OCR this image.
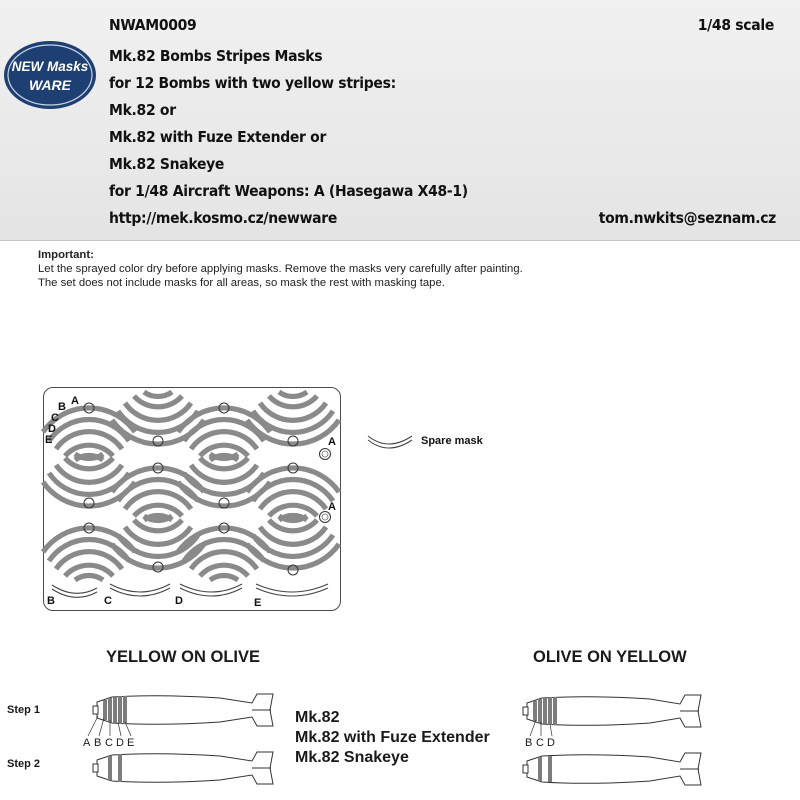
NEW Masks
WARE
NWAM0009	1/48 scale
Mk.82 Bombs Stripes Masks
for 12 Bombs with two yellow stripes:
Mk.82 or
Mk.82 with Fuze Extender or
Mk.82 Snakeye
for 1/48 Aircraft Weapons: A (Hasegawa X48-1)
http://mek.kosmo.cz/newware	tom.nwkits@seznam.cz
Important:
Let the sprayed color dry before applying masks. Remove the masks very carefully after painting.
The set does not include masks for all areas, so mask the rest with masking tape.
B A
C
D
E	A
A
B	C	D	E
Spare mask
A B C D E	B C D
YELLOW ON OLIVE	OLIVE ON YELLOW
Step 1
Step 2
Mk.82
Mk.82 with Fuze Extender
Mk.82 Snakeye
